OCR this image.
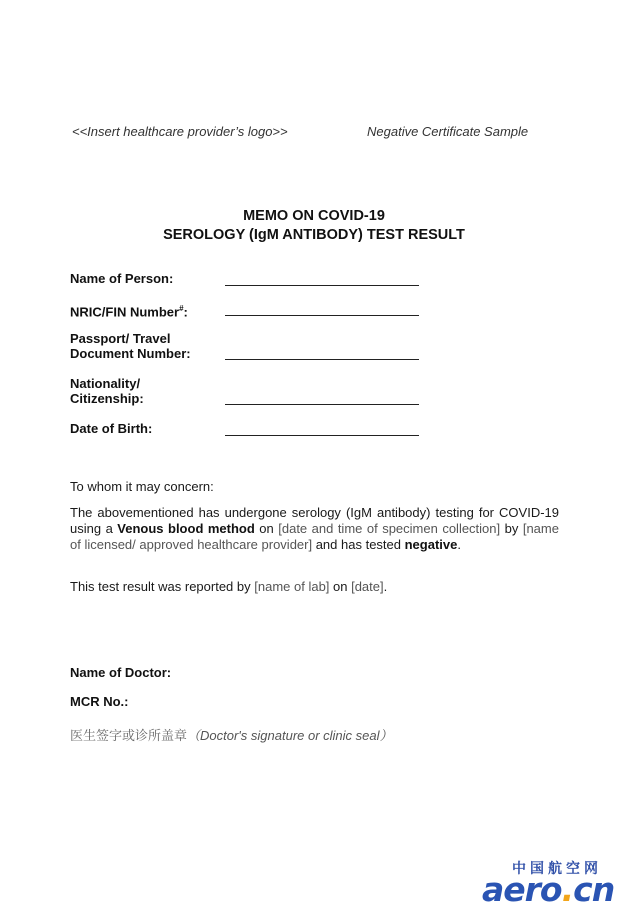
<<Insert healthcare provider’s logo>>	Negative Certificate Sample
MEMO ON COVID-19
SEROLOGY (IgM ANTIBODY) TEST RESULT
Name of Person:
NRIC/FIN Number#:
Passport/ Travel
Document Number:
Nationality/
Citizenship:
Date of Birth:
To whom it may concern:
The abovementioned has undergone serology (IgM antibody) testing for COVID-19 using a Venous blood method on [date and time of specimen collection] by [name of licensed/ approved healthcare provider] and has tested negative.
This test result was reported by [name of lab] on [date].
Name of Doctor:
MCR No.:
医生签字或诊所盖章（Doctor's signature or clinic seal）
中国航空网
aero.cn
